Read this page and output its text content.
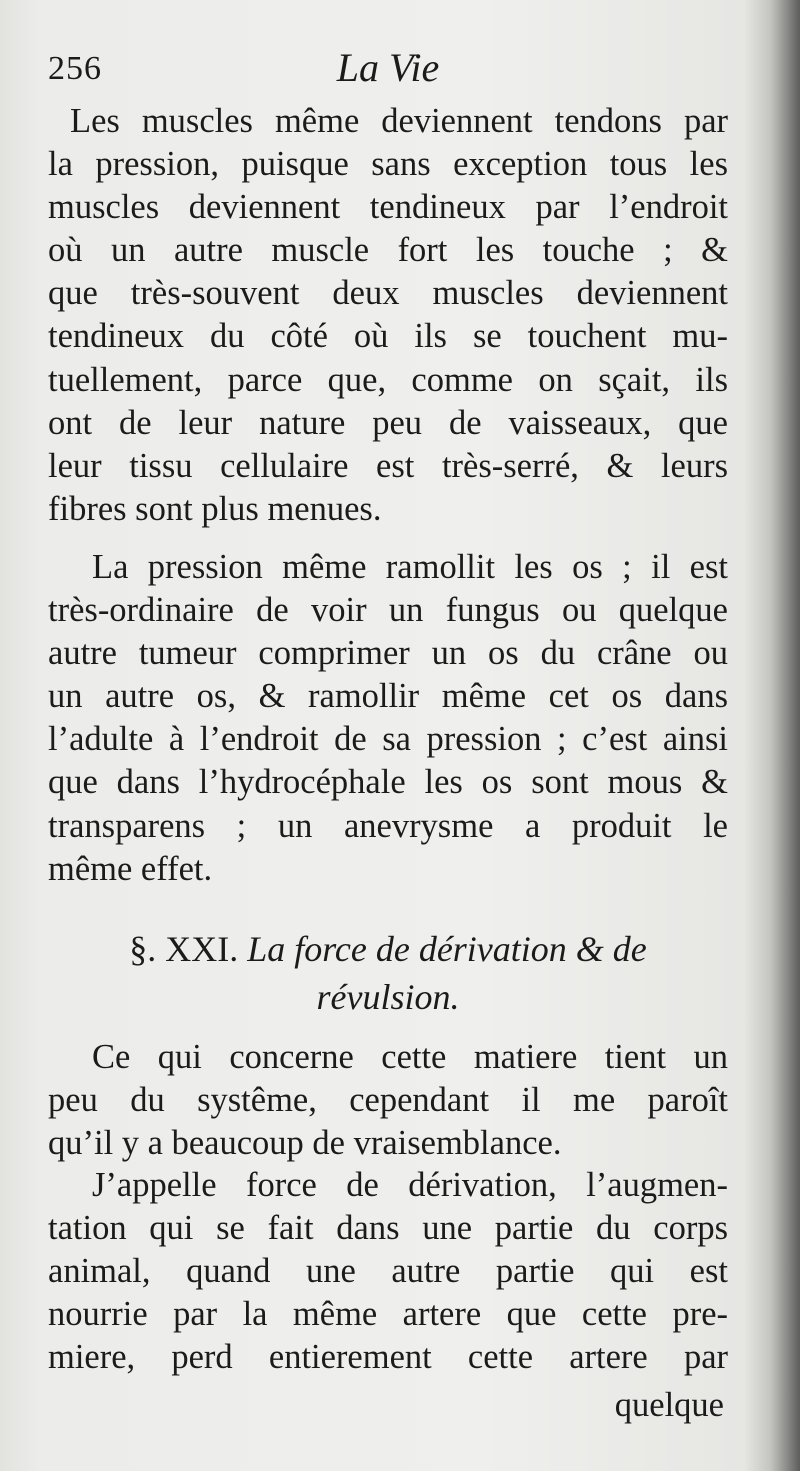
256	La Vie

Les muscles même deviennent tendons par
la pression, puisque sans exception tous les
muscles deviennent tendineux par l’endroit
où un autre muscle fort les touche ; &
que très-souvent deux muscles deviennent
tendineux du côté où ils se touchent mu-
tuellement, parce que, comme on sçait, ils
ont de leur nature peu de vaisseaux, que
leur tissu cellulaire est très-serré, & leurs
fibres sont plus menues.

La pression même ramollit les os ; il est
très-ordinaire de voir un fungus ou quelque
autre tumeur comprimer un os du crâne ou
un autre os, & ramollir même cet os dans
l’adulte à l’endroit de sa pression ; c’est ainsi
que dans l’hydrocéphale les os sont mous &
transparens ; un anevrysme a produit le
même effet.

§. XXI. La force de dérivation & de
révulsion.

Ce qui concerne cette matiere tient un
peu du systême, cependant il me paroît
qu’il y a beaucoup de vraisemblance.

J’appelle force de dérivation, l’augmen-
tation qui se fait dans une partie du corps
animal, quand une autre partie qui est
nourrie par la même artere que cette pre-
miere, perd entierement cette artere par

quelque
